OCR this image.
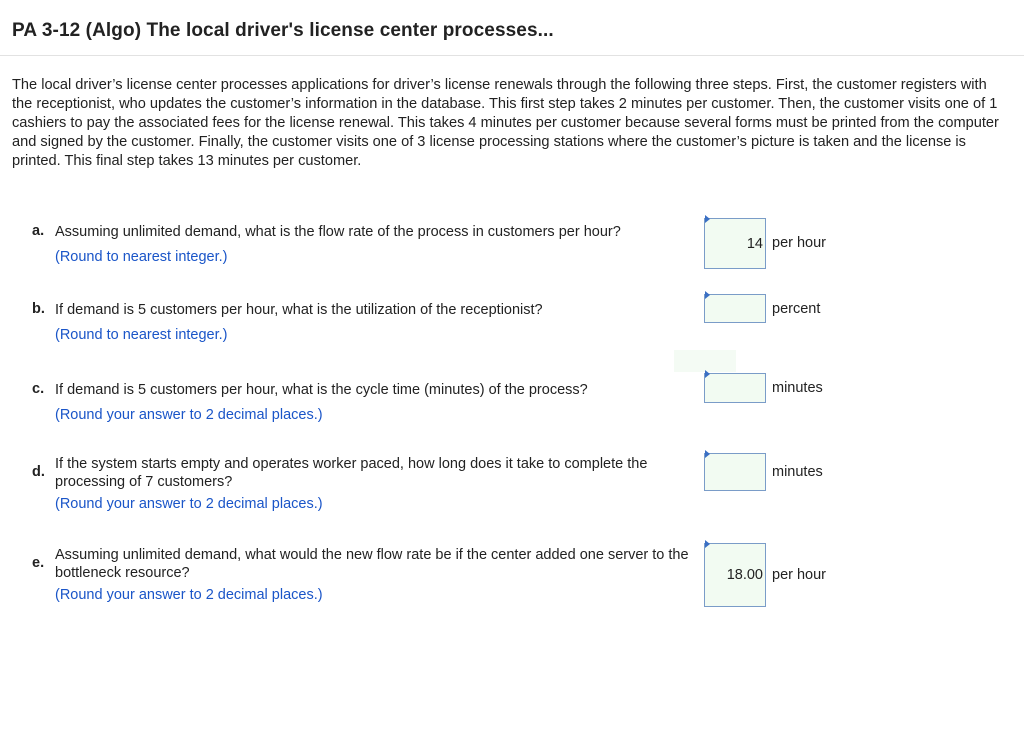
PA 3-12 (Algo) The local driver's license center processes...
The local driver’s license center processes applications for driver’s license renewals through the following three steps. First, the customer registers with the receptionist, who updates the customer’s information in the database. This first step takes 2 minutes per customer. Then, the customer visits one of 1 cashiers to pay the associated fees for the license renewal. This takes 4 minutes per customer because several forms must be printed from the computer and signed by the customer. Finally, the customer visits one of 3 license processing stations where the customer’s picture is taken and the license is printed. This final step takes 13 minutes per customer.
a. Assuming unlimited demand, what is the flow rate of the process in customers per hour?
(Round to nearest integer.)
14 per hour
b. If demand is 5 customers per hour, what is the utilization of the receptionist?
(Round to nearest integer.)
percent
c. If demand is 5 customers per hour, what is the cycle time (minutes) of the process?
(Round your answer to 2 decimal places.)
minutes
d. If the system starts empty and operates worker paced, how long does it take to complete the processing of 7 customers?
(Round your answer to 2 decimal places.)
minutes
e. Assuming unlimited demand, what would the new flow rate be if the center added one server to the bottleneck resource?
(Round your answer to 2 decimal places.)
18.00 per hour
